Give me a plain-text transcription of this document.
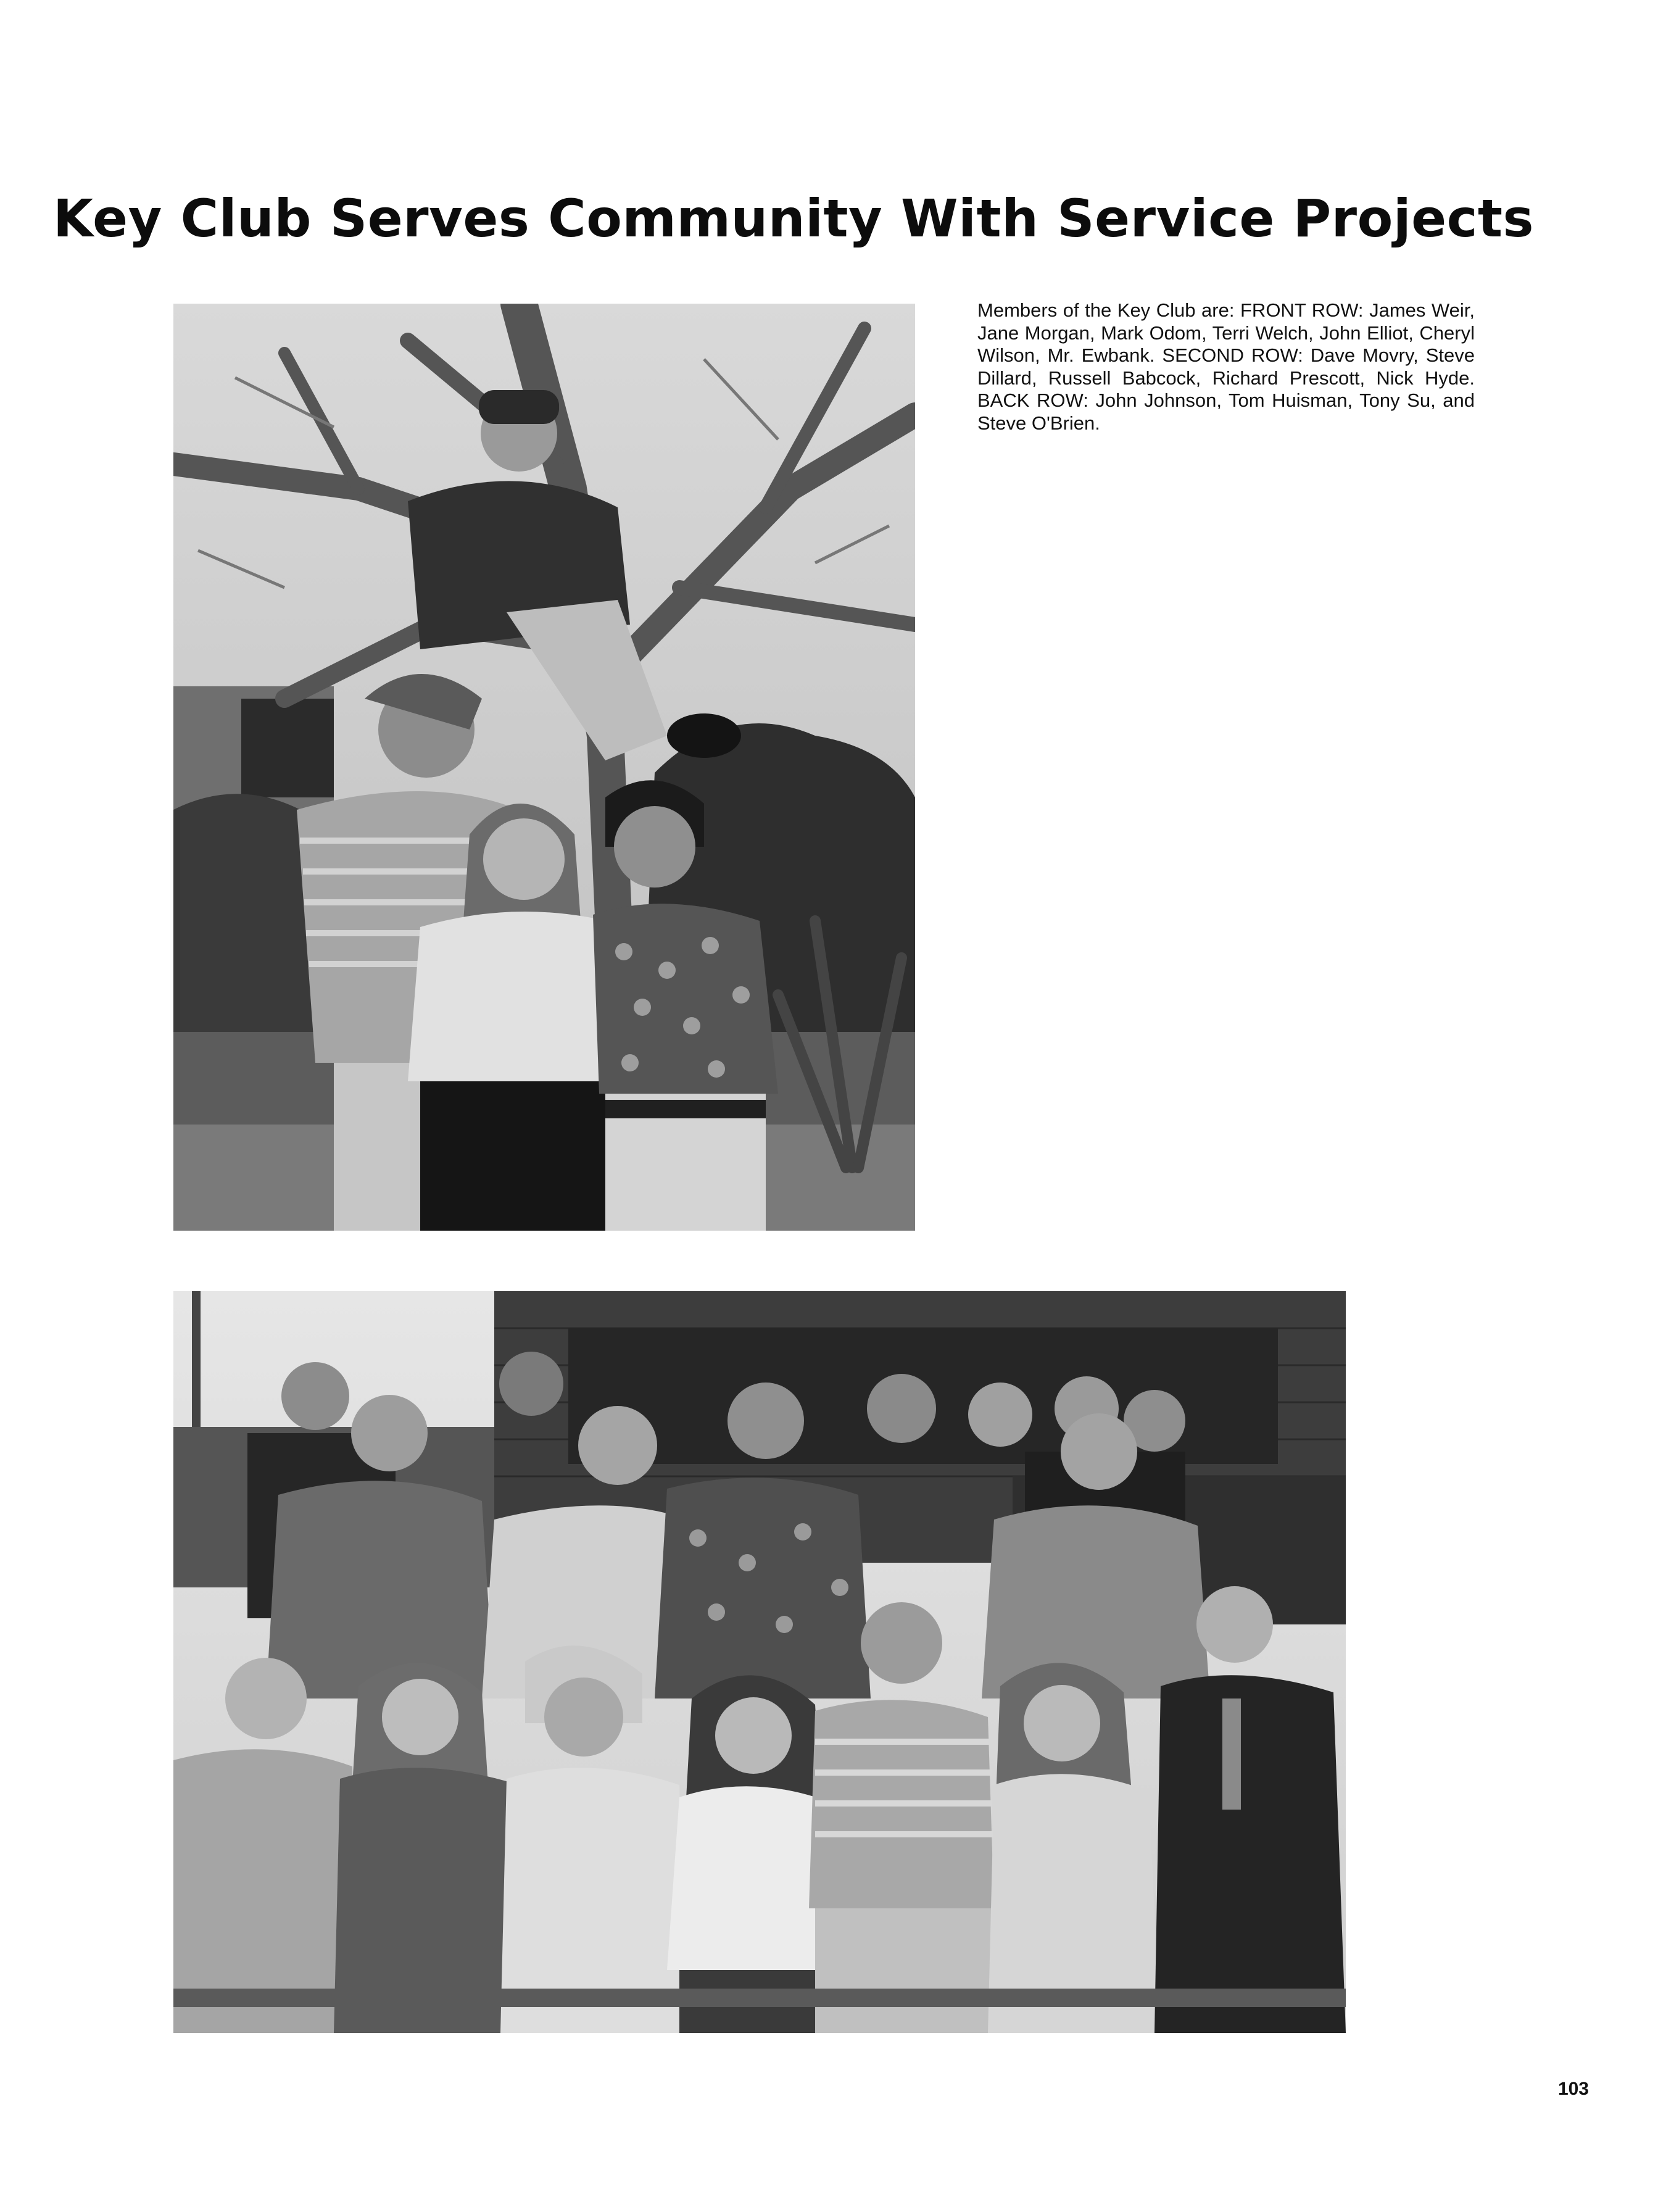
Key Club Serves Community With Service Projects

Members of the Key Club are: FRONT ROW: James Weir, Jane Morgan, Mark Odom, Terri Welch, John Elliot, Cheryl Wilson, Mr. Ewbank. SECOND ROW: Dave Movry, Steve Dillard, Russell Babcock, Richard Prescott, Nick Hyde. BACK ROW: John Johnson, Tom Huisman, Tony Su, and Steve O'Brien.

103
